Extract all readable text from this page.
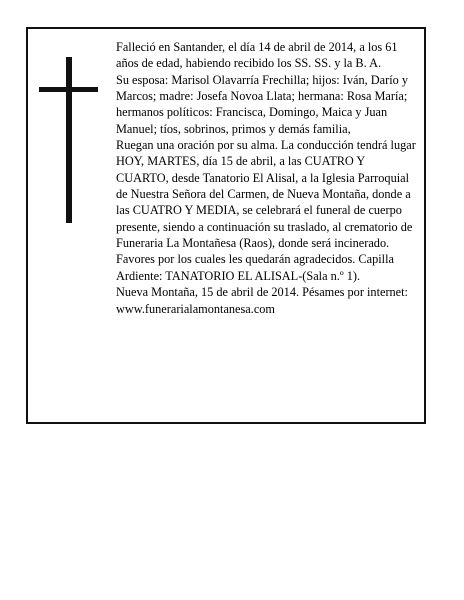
Falleció en Santander, el día 14 de abril de 2014, a los 61 años de edad, habiendo recibido los SS. SS. y la B. A.

Su esposa: Marisol Olavarría Frechilla; hijos: Iván, Darío y Marcos; madre: Josefa Novoa Llata; hermana: Rosa María; hermanos políticos: Francisca, Domingo, Maica y Juan Manuel; tíos, sobrinos, primos y demás familia,

Ruegan una oración por su alma. La conducción tendrá lugar HOY, MARTES, día 15 de abril, a las CUATRO Y CUARTO, desde Tanatorio El Alisal, a la Iglesia Parroquial de Nuestra Señora del Carmen, de Nueva Montaña, donde a las CUATRO Y MEDIA, se celebrará el funeral de cuerpo presente, siendo a continuación su traslado, al crematorio de Funeraria La Montañesa (Raos), donde será incinerado. Favores por los cuales les quedarán agradecidos. Capilla Ardiente: TANATORIO EL ALISAL-(Sala n.º 1).

Nueva Montaña, 15 de abril de 2014. Pésames por internet: www.funerarialamontanesa.com
